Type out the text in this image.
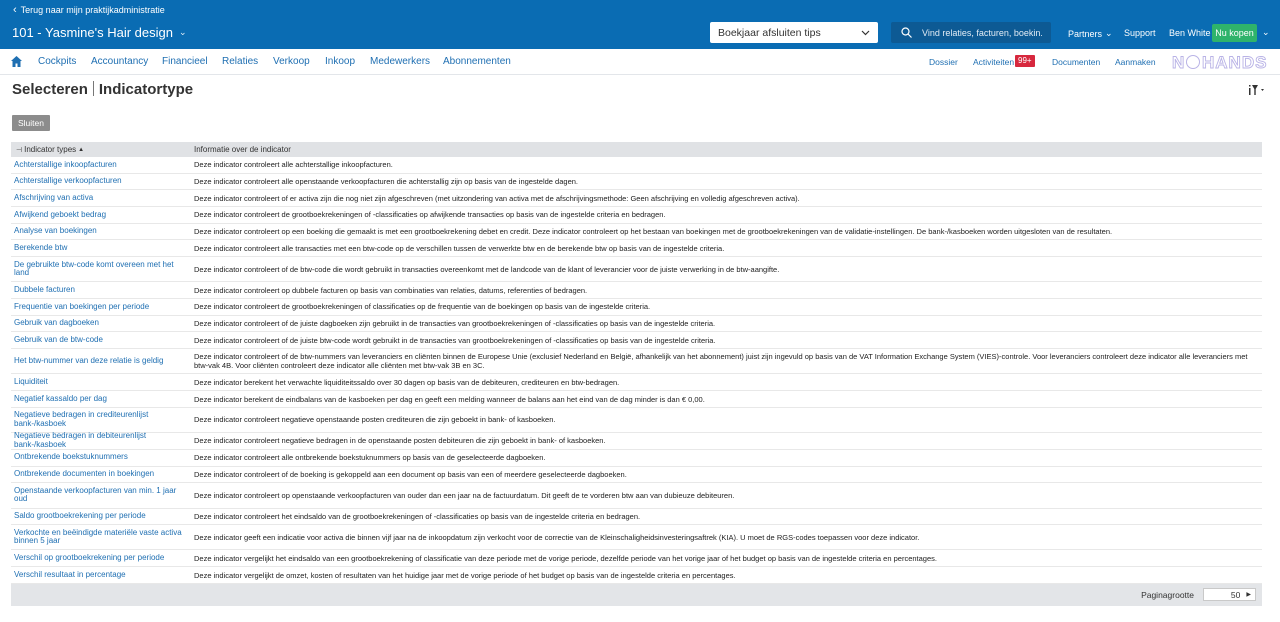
‹ Terug naar mijn praktijkadministratie
101 - Yasmine's Hair design ⌄	Boekjaar afsluiten tips
Vind relaties, facturen, boekin...	Partners ⌄ Support Ben White Nu kopen ⌄
Cockpits Accountancy Financieel Relaties Verkoop Inkoop Medewerkers Abonnementen	Dossier Activiteiten	Documenten Aanmaken
99+	N HANDS
Selecteren Indicatortype
Sluiten
⊣ Indicator types ▲	Informatie over de indicator
Achterstallige inkoopfacturen	Deze indicator controleert alle achterstallige inkoopfacturen.
Achterstallige verkoopfacturen	Deze indicator controleert alle openstaande verkoopfacturen die achterstallig zijn op basis van de ingestelde dagen.
Afschrijving van activa	Deze indicator controleert of er activa zijn die nog niet zijn afgeschreven (met uitzondering van activa met de afschrijvingsmethode: Geen afschrijving en volledig afgeschreven activa).
Afwijkend geboekt bedrag	Deze indicator controleert de grootboekrekeningen of -classificaties op afwijkende transacties op basis van de ingestelde criteria en bedragen.
Analyse van boekingen	Deze indicator controleert op een boeking die gemaakt is met een grootboekrekening debet en credit. Deze indicator controleert op het bestaan van boekingen met de grootboekrekeningen van de validatie-instellingen. De bank-/kasboeken worden uitgesloten van de resultaten.
Berekende btw	Deze indicator controleert alle transacties met een btw-code op de verschillen tussen de verwerkte btw en de berekende btw op basis van de ingestelde criteria.
De gebruikte btw-code komt overeen met het land	Deze indicator controleert of de btw-code die wordt gebruikt in transacties overeenkomt met de landcode van de klant of leverancier voor de juiste verwerking in de btw-aangifte.
Dubbele facturen	Deze indicator controleert op dubbele facturen op basis van combinaties van relaties, datums, referenties of bedragen.
Frequentie van boekingen per periode	Deze indicator controleert de grootboekrekeningen of classificaties op de frequentie van de boekingen op basis van de ingestelde criteria.
Gebruik van dagboeken	Deze indicator controleert of de juiste dagboeken zijn gebruikt in de transacties van grootboekrekeningen of -classificaties op basis van de ingestelde criteria.
Gebruik van de btw-code	Deze indicator controleert of de juiste btw-code wordt gebruikt in de transacties van grootboekrekeningen of -classificaties op basis van de ingestelde criteria.
Het btw-nummer van deze relatie is geldig	Deze indicator controleert of de btw-nummers van leveranciers en cliënten binnen de Europese Unie (exclusief Nederland en België, afhankelijk van het abonnement) juist zijn ingevuld op basis van de VAT Information Exchange System (VIES)-controle. Voor leveranciers controleert deze indicator alle leveranciers met btw-vak 4B. Voor cliënten controleert deze indicator alle cliënten met btw-vak 3B en 3C.
Liquiditeit	Deze indicator berekent het verwachte liquiditeitssaldo over 30 dagen op basis van de debiteuren, crediteuren en btw-bedragen.
Negatief kassaldo per dag	Deze indicator berekent de eindbalans van de kasboeken per dag en geeft een melding wanneer de balans aan het eind van de dag minder is dan € 0,00.
Negatieve bedragen in crediteurenlijst bank-/kasboek	Deze indicator controleert negatieve openstaande posten crediteuren die zijn geboekt in bank- of kasboeken.
Negatieve bedragen in debiteurenlijst bank-/kasboek	Deze indicator controleert negatieve bedragen in de openstaande posten debiteuren die zijn geboekt in bank- of kasboeken.
Ontbrekende boekstuknummers	Deze indicator controleert alle ontbrekende boekstuknummers op basis van de geselecteerde dagboeken.
Ontbrekende documenten in boekingen	Deze indicator controleert of de boeking is gekoppeld aan een document op basis van een of meerdere geselecteerde dagboeken.
Openstaande verkoopfacturen van min. 1 jaar oud	Deze indicator controleert op openstaande verkoopfacturen van ouder dan een jaar na de factuurdatum. Dit geeft de te vorderen btw aan van dubieuze debiteuren.
Saldo grootboekrekening per periode	Deze indicator controleert het eindsaldo van de grootboekrekeningen of -classificaties op basis van de ingestelde criteria en bedragen.
Verkochte en beëindigde materiële vaste activa binnen 5 jaar	Deze indicator geeft een indicatie voor activa die binnen vijf jaar na de inkoopdatum zijn verkocht voor de correctie van de Kleinschaligheidsinvesteringsaftrek (KIA). U moet de RGS-codes toepassen voor deze indicator.
Verschil op grootboekrekening per periode	Deze indicator vergelijkt het eindsaldo van een grootboekrekening of classificatie van deze periode met de vorige periode, dezelfde periode van het vorige jaar of het budget op basis van de ingestelde criteria en percentages.
Verschil resultaat in percentage	Deze indicator vergelijkt de omzet, kosten of resultaten van het huidige jaar met de vorige periode of het budget op basis van de ingestelde criteria en percentages.
Paginagrootte	50 ▶
